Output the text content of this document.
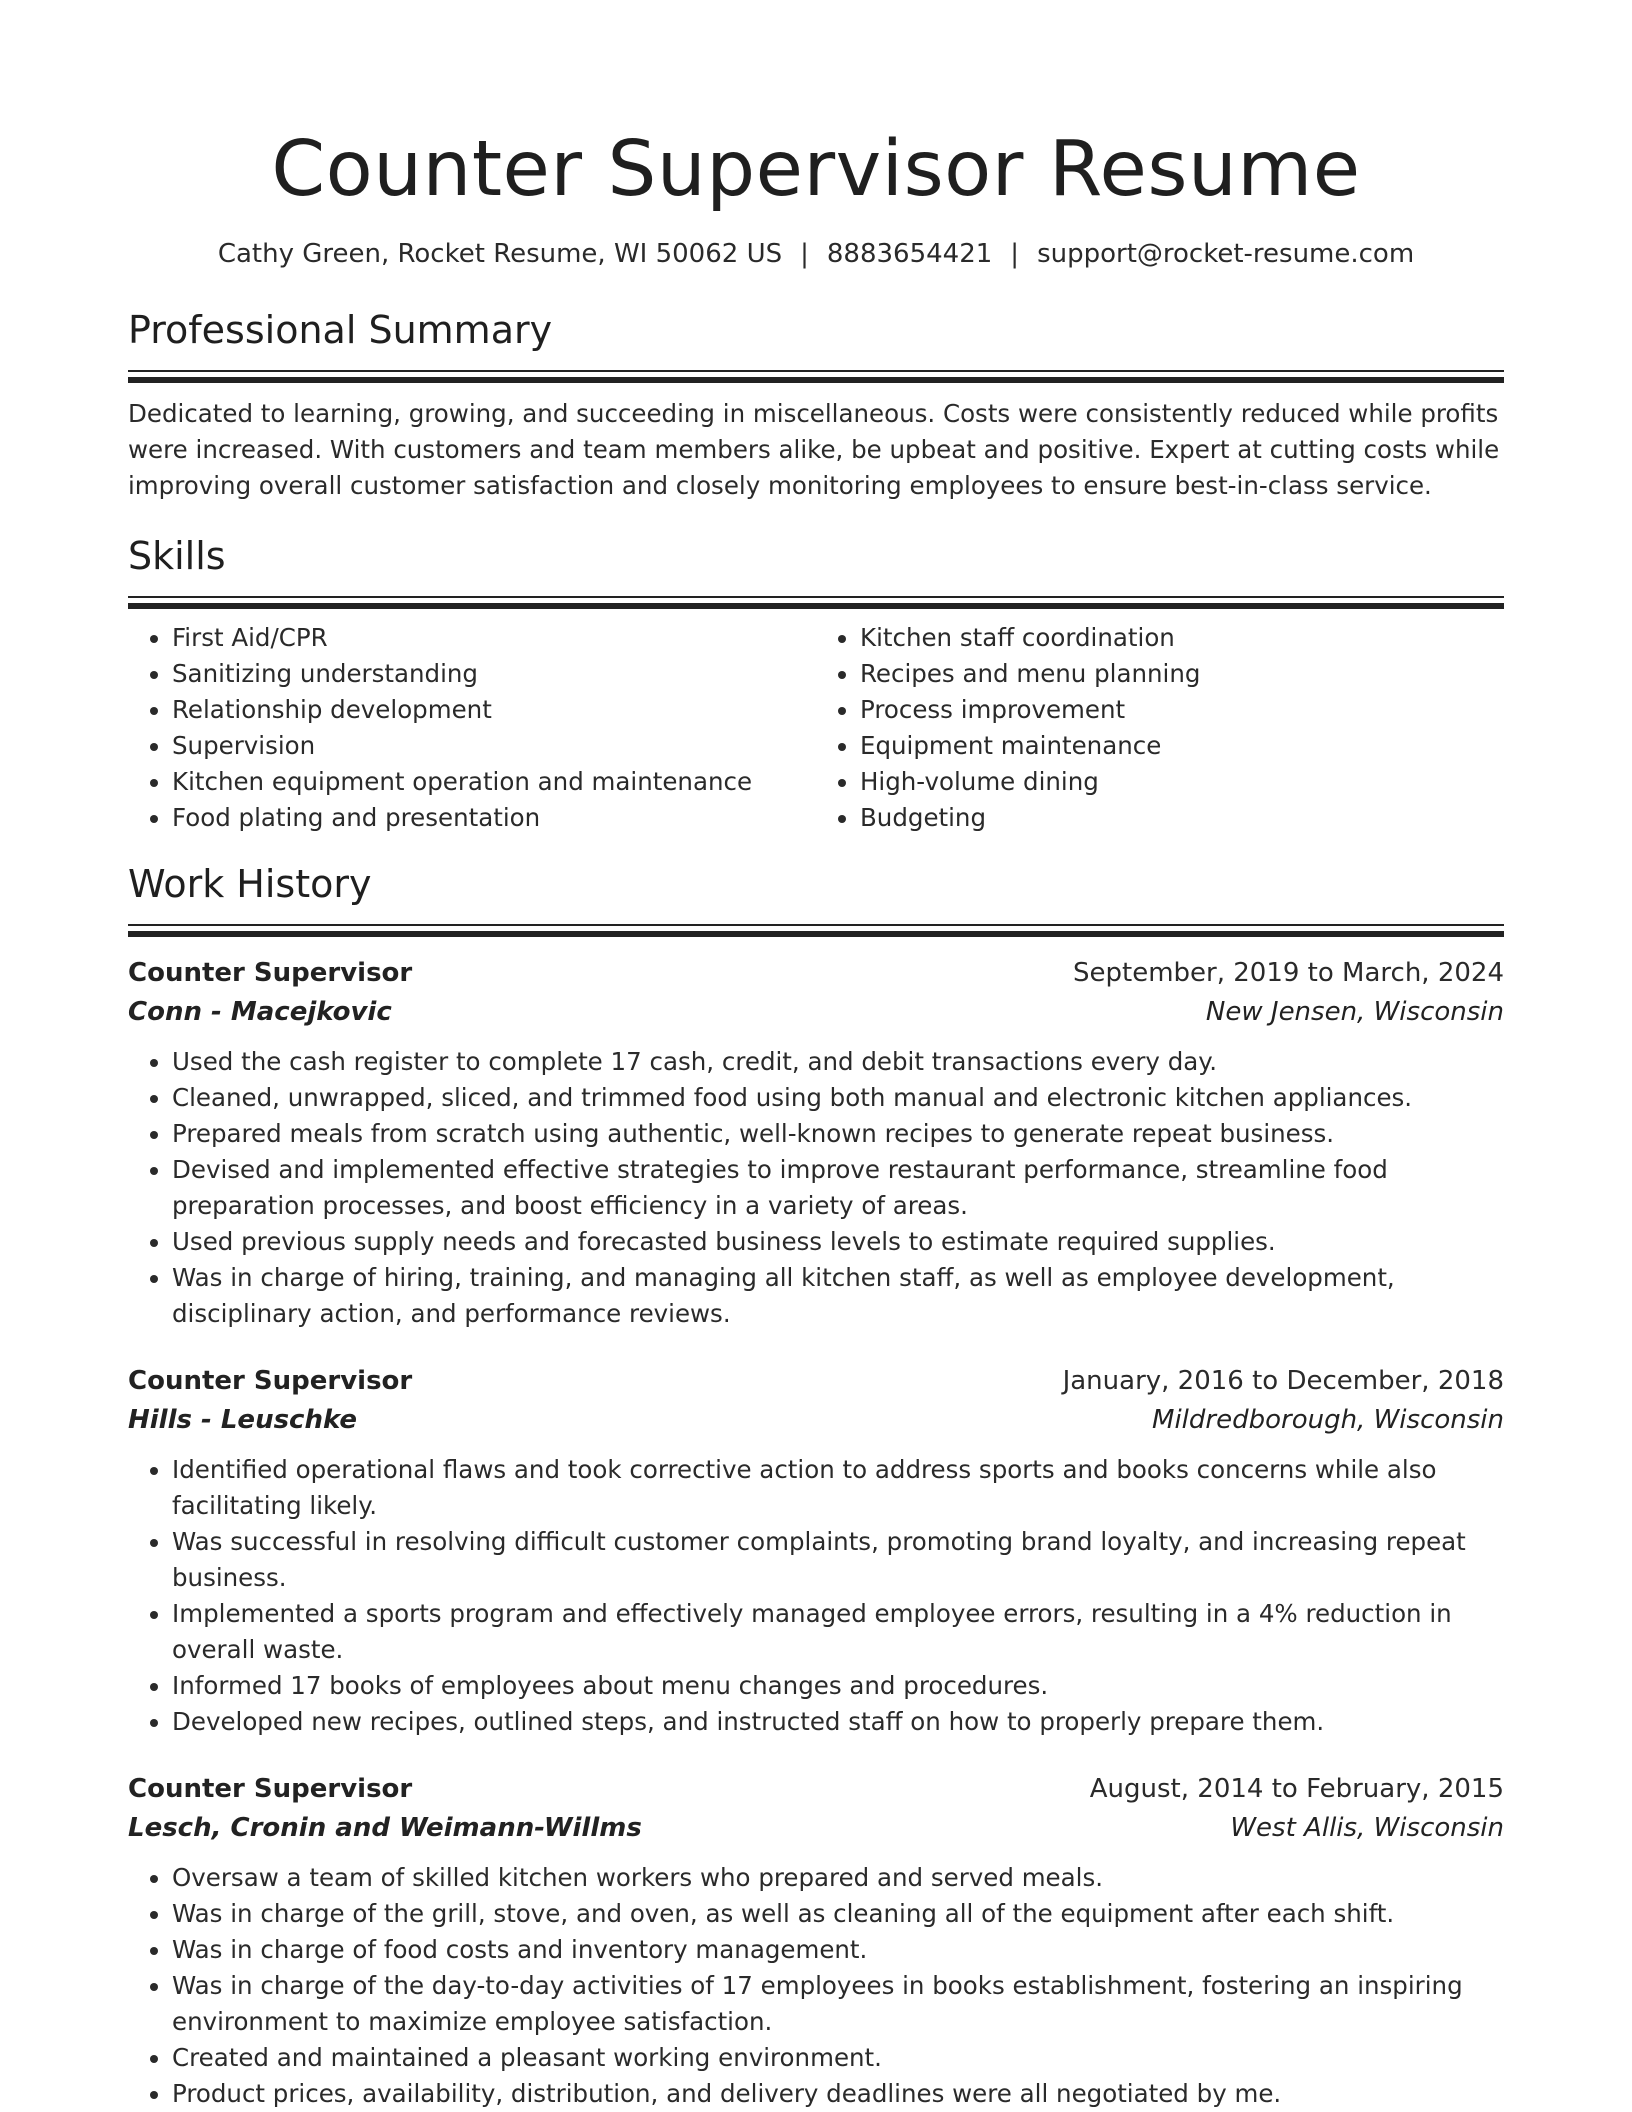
Counter Supervisor Resume
Cathy Green, Rocket Resume, WI 50062 US | 8883654421 | support@rocket-resume.com
Professional Summary
Dedicated to learning, growing, and succeeding in miscellaneous. Costs were consistently reduced while profits were increased. With customers and team members alike, be upbeat and positive. Expert at cutting costs while improving overall customer satisfaction and closely monitoring employees to ensure best-in-class service.
Skills
• First Aid/CPR
• Sanitizing understanding
• Relationship development
• Supervision
• Kitchen equipment operation and maintenance
• Food plating and presentation
• Kitchen staff coordination
• Recipes and menu planning
• Process improvement
• Equipment maintenance
• High-volume dining
• Budgeting
Work History
Counter Supervisor	September, 2019 to March, 2024
Conn - Macejkovic	New Jensen, Wisconsin
• Used the cash register to complete 17 cash, credit, and debit transactions every day.
• Cleaned, unwrapped, sliced, and trimmed food using both manual and electronic kitchen appliances.
• Prepared meals from scratch using authentic, well-known recipes to generate repeat business.
• Devised and implemented effective strategies to improve restaurant performance, streamline food preparation processes, and boost efficiency in a variety of areas.
• Used previous supply needs and forecasted business levels to estimate required supplies.
• Was in charge of hiring, training, and managing all kitchen staff, as well as employee development, disciplinary action, and performance reviews.
Counter Supervisor	January, 2016 to December, 2018
Hills - Leuschke	Mildredborough, Wisconsin
• Identified operational flaws and took corrective action to address sports and books concerns while also facilitating likely.
• Was successful in resolving difficult customer complaints, promoting brand loyalty, and increasing repeat business.
• Implemented a sports program and effectively managed employee errors, resulting in a 4% reduction in overall waste.
• Informed 17 books of employees about menu changes and procedures.
• Developed new recipes, outlined steps, and instructed staff on how to properly prepare them.
Counter Supervisor	August, 2014 to February, 2015
Lesch, Cronin and Weimann-Willms	West Allis, Wisconsin
• Oversaw a team of skilled kitchen workers who prepared and served meals.
• Was in charge of the grill, stove, and oven, as well as cleaning all of the equipment after each shift.
• Was in charge of food costs and inventory management.
• Was in charge of the day-to-day activities of 17 employees in books establishment, fostering an inspiring environment to maximize employee satisfaction.
• Created and maintained a pleasant working environment.
• Product prices, availability, distribution, and delivery deadlines were all negotiated by me.
